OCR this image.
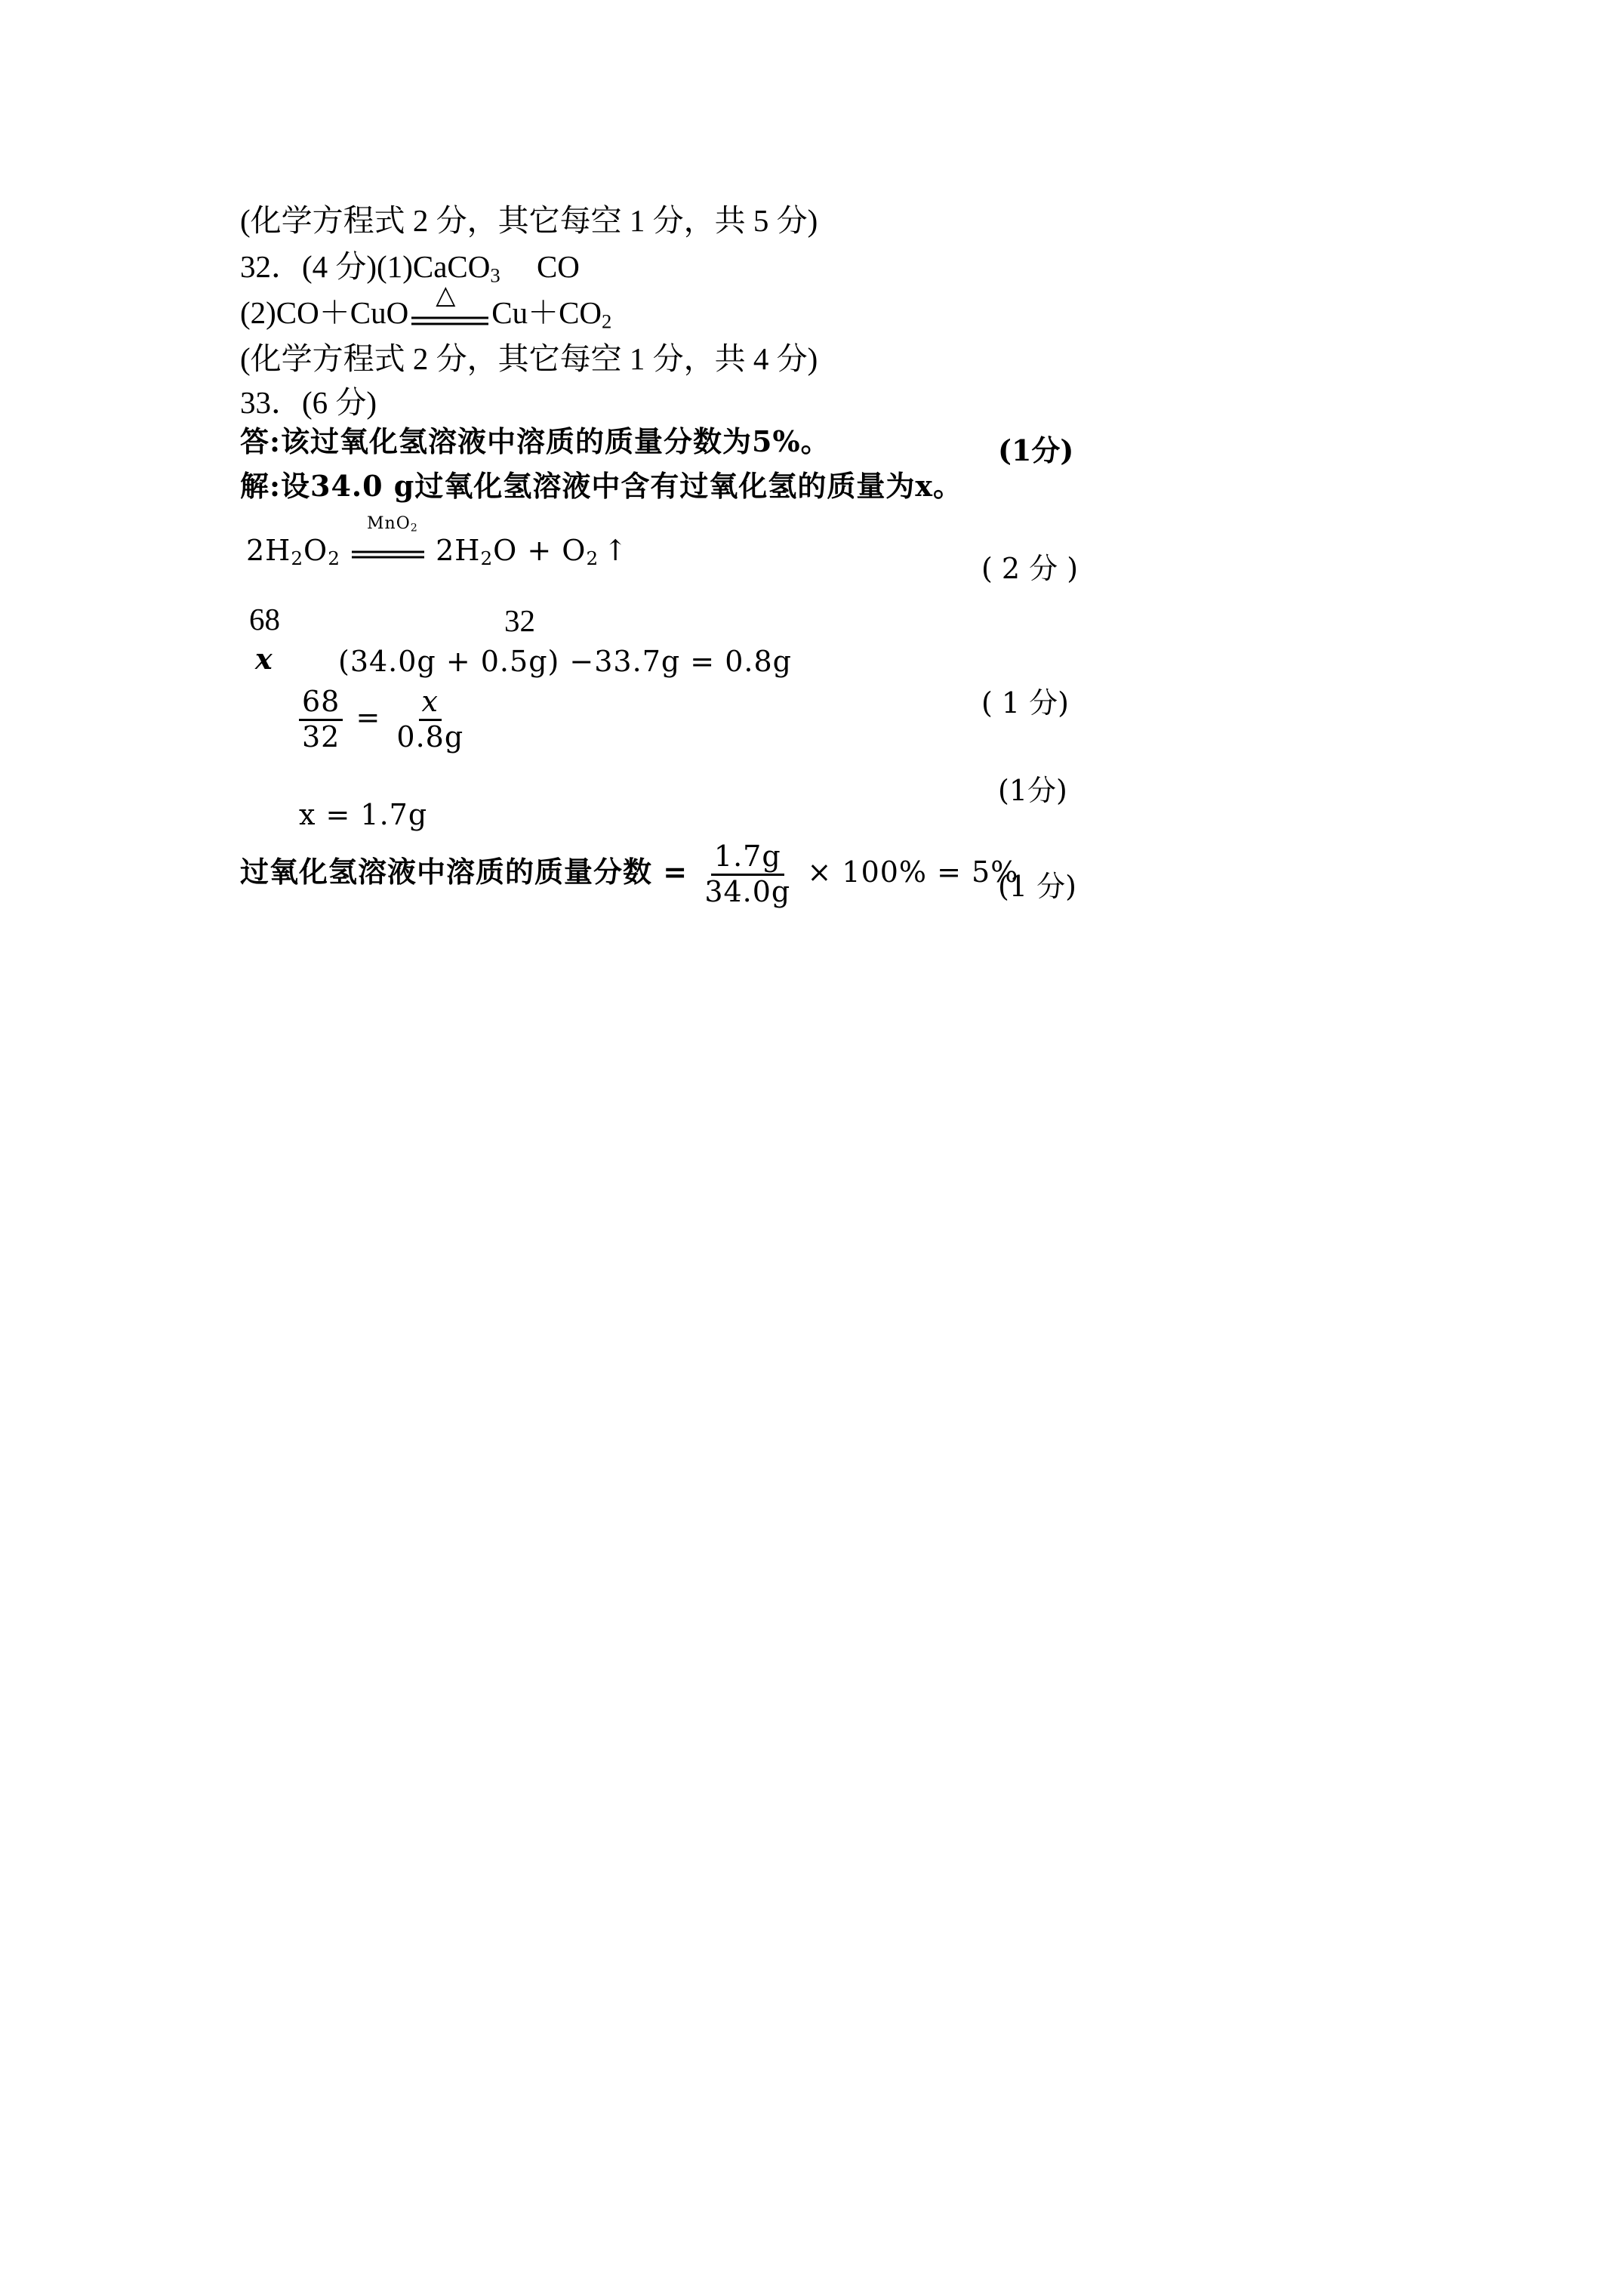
(化学方程式 2 分，其它每空 1 分，共 5 分)
32．(4 分)(1)CaCO$_3$ CO
(2)CO＋CuO △ $Cu+CO_2$
(化学方程式 2 分，其它每空 1 分，共 4 分)
33．(6 分)
答:该过氧化氢溶液中溶质的质量分数为5%。	(1分)
解:设34.0 g过氧化氢溶液中含有过氧化氢的质量为x。
$2H_2O_2$
MnO$_2$
$2H_2O + O_2$ ↑
( 2 分 )
68	32
x (34.0g + 0.5g) −33.7g = 0.8g
$\frac{68}{32} = \frac{x}{0.8g}$	( 1 分)
(1分)
x = 1.7g
过氧化氢溶液中溶质的质量分数 = $\frac{1.7g}{34.0g} \times 100\% = 5\%$
(1 分)
